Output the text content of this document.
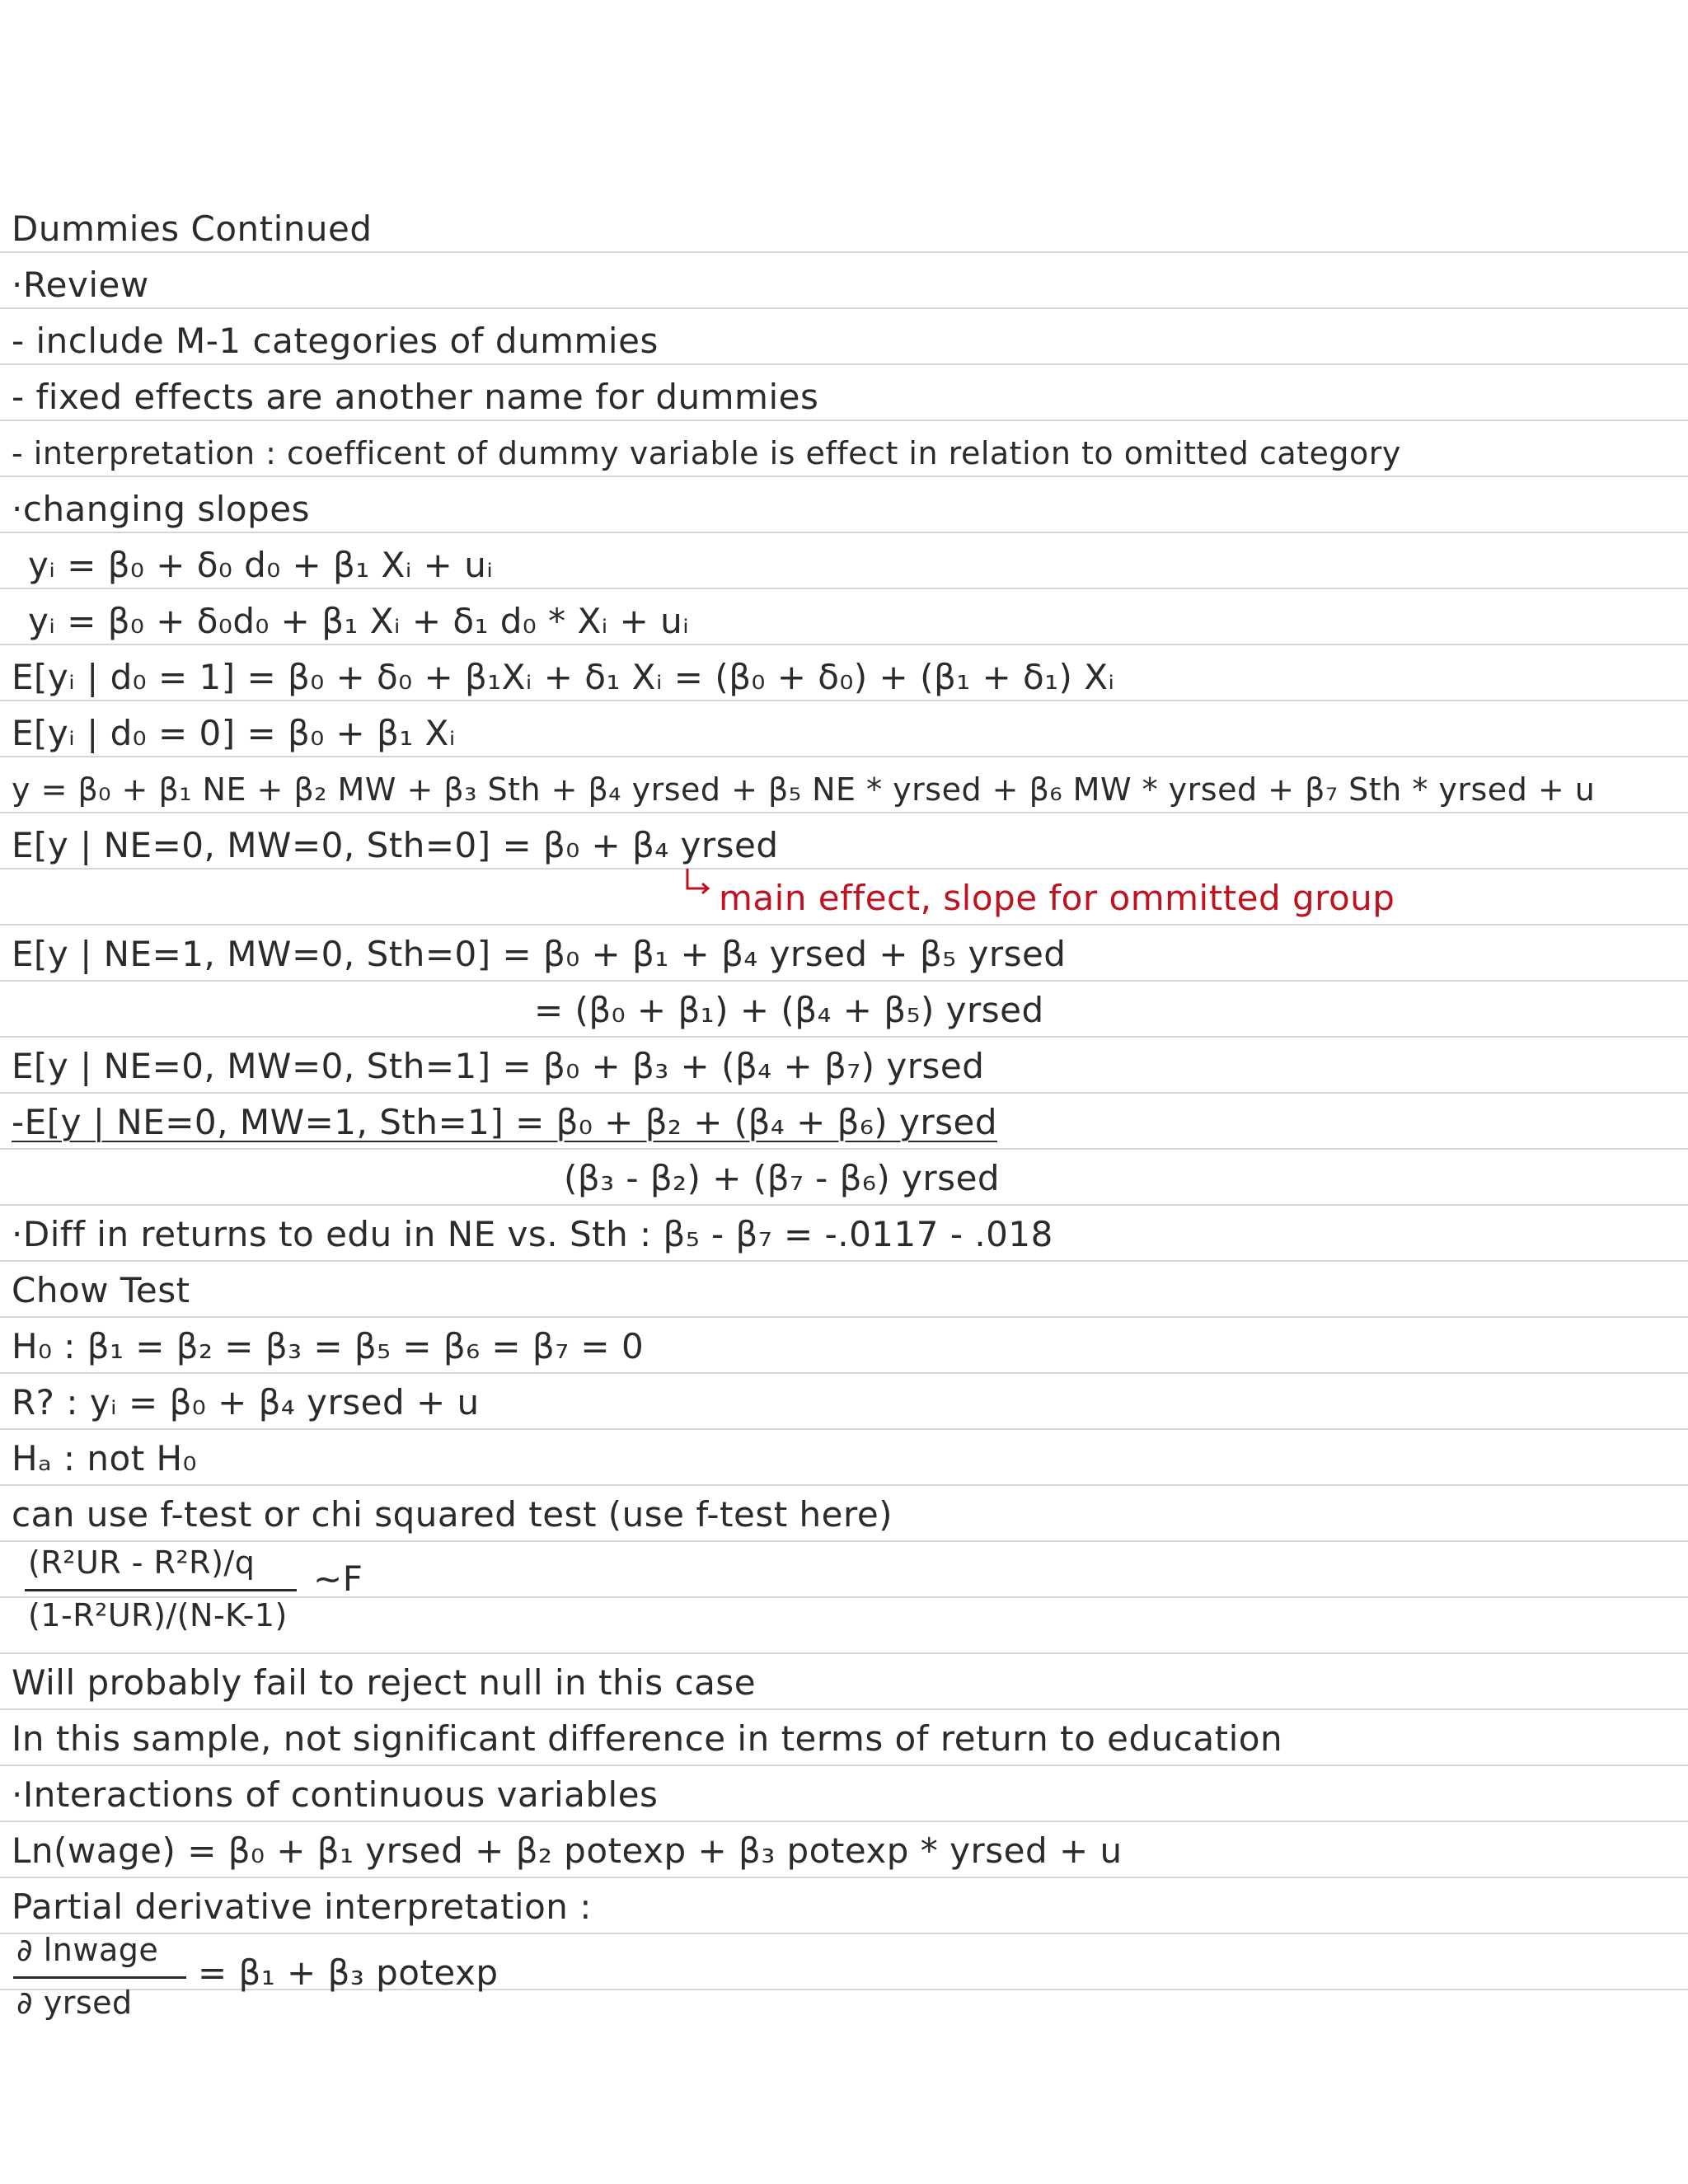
Dummies Continued
·Review
- include M-1 categories of dummies
- fixed effects are another name for dummies
- interpretation : coefficent of dummy variable is effect in relation to omitted category
·changing slopes
yᵢ = β₀ + δ₀ d₀ + β₁ Xᵢ + uᵢ
yᵢ = β₀ + δ₀d₀ + β₁ Xᵢ + δ₁ d₀ * Xᵢ + uᵢ
E[yᵢ | d₀ = 1] = β₀ + δ₀ + β₁Xᵢ + δ₁ Xᵢ = (β₀ + δ₀) + (β₁ + δ₁) Xᵢ
E[yᵢ | d₀ = 0] = β₀ + β₁ Xᵢ
y = β₀ + β₁ NE + β₂ MW + β₃ Sth + β₄ yrsed + β₅ NE * yrsed + β₆ MW * yrsed + β₇ Sth * yrsed + u
E[y | NE=0, MW=0, Sth=0] = β₀ + β₄ yrsed
main effect, slope for ommitted group
E[y | NE=1, MW=0, Sth=0] = β₀ + β₁ + β₄ yrsed + β₅ yrsed
= (β₀ + β₁) + (β₄ + β₅) yrsed
E[y | NE=0, MW=0, Sth=1] = β₀ + β₃ + (β₄ + β₇) yrsed
-E[y | NE=0, MW=1, Sth=1] = β₀ + β₂ + (β₄ + β₆) yrsed
(β₃ - β₂) + (β₇ - β₆) yrsed
·Diff in returns to edu in NE vs. Sth : β₅ - β₇ = -.0117 - .018
Chow Test
H₀ : β₁ = β₂ = β₃ = β₅ = β₆ = β₇ = 0
R? : yᵢ = β₀ + β₄ yrsed + u
Hₐ : not H₀
can use f-test or chi squared test (use f-test here)
(R²UR - R²R)/q ~F
(1-R²UR)/(N-K-1)
Will probably fail to reject null in this case
In this sample, not significant difference in terms of return to education
·Interactions of continuous variables
Ln(wage) = β₀ + β₁ yrsed + β₂ potexp + β₃ potexp * yrsed + u
Partial derivative interpretation :
∂ lnwage
= β₁ + β₃ potexp
∂ yrsed
